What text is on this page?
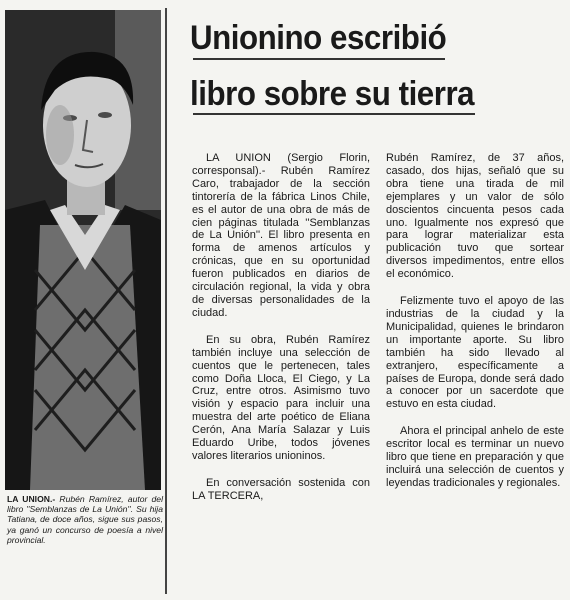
LA UNION.- Rubén Ramírez, autor del libro ''Semblanzas de La Unión''. Su hija Tatiana, de doce años, sigue sus pasos, ya ganó un concurso de poesía a nivel provincial.
Unionino escribió
libro sobre su tierra

LA UNION (Sergio Florin, corresponsal).- Rubén Ramírez Caro, trabajador de la sección tintorería de la fábrica Linos Chile, es el autor de una obra de más de cien páginas titulada ''Semblanzas de La Unión''. El libro presenta en forma de amenos artículos y crónicas, que en su oportunidad fueron publicados en diarios de circulación regional, la vida y obra de diversas personalidades de la ciudad.

En su obra, Rubén Ramírez también incluye una selección de cuentos que le pertenecen, tales como Doña Lloca, El Ciego, y La Cruz, entre otros. Asimismo tuvo visión y espacio para incluir una muestra del arte poético de Eliana Cerón, Ana María Salazar y Luis Eduardo Uribe, todos jóvenes valores literarios unioninos.

En conversación sostenida con LA TERCERA,

Rubén Ramírez, de 37 años, casado, dos hijas, señaló que su obra tiene una tirada de mil ejemplares y un valor de sólo doscientos cincuenta pesos cada uno. Igualmente nos expresó que para lograr materializar esta publicación tuvo que sortear diversos impedimentos, entre ellos el económico.

Felizmente tuvo el apoyo de las industrias de la ciudad y la Municipalidad, quienes le brindaron un importante aporte. Su libro también ha sido llevado al extranjero, específicamente a países de Europa, donde será dado a conocer por un sacerdote que estuvo en esta ciudad.

Ahora el principal anhelo de este escritor local es terminar un nuevo libro que tiene en preparación y que incluirá una selección de cuentos y leyendas tradicionales y regionales.
